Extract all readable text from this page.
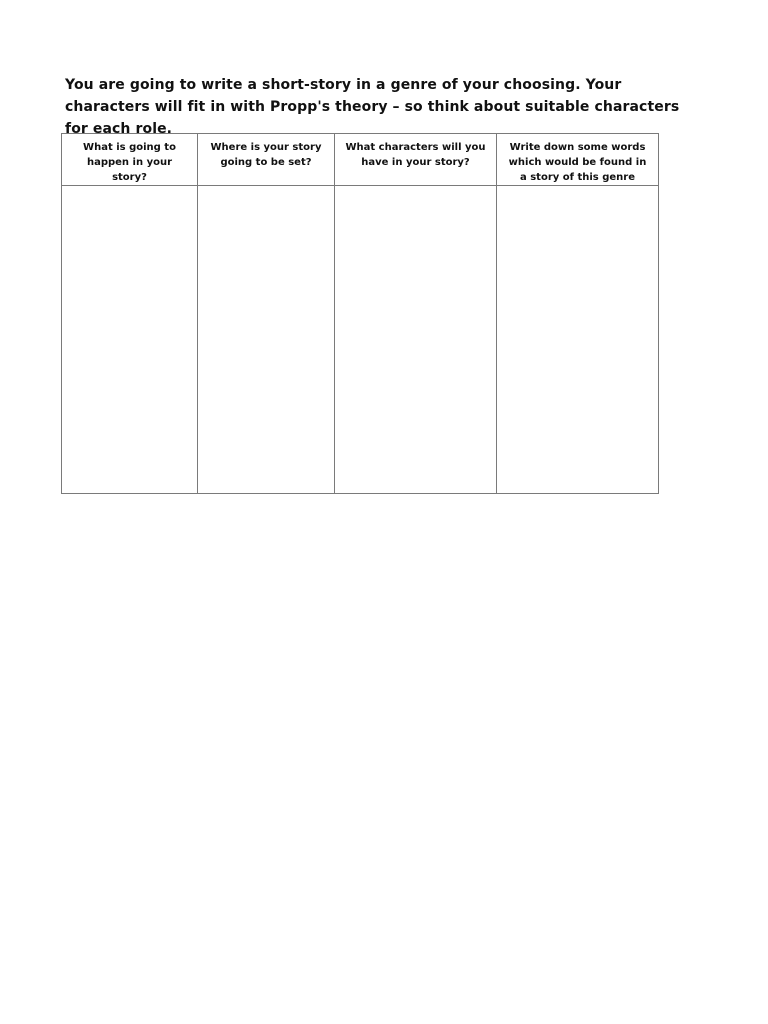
You are going to write a short-story in a genre of your choosing. Your characters will fit in with Propp's theory – so think about suitable characters for each role.

What is going to happen in your story?	Where is your story going to be set?	What characters will you have in your story?	Write down some words which would be found in a story of this genre
